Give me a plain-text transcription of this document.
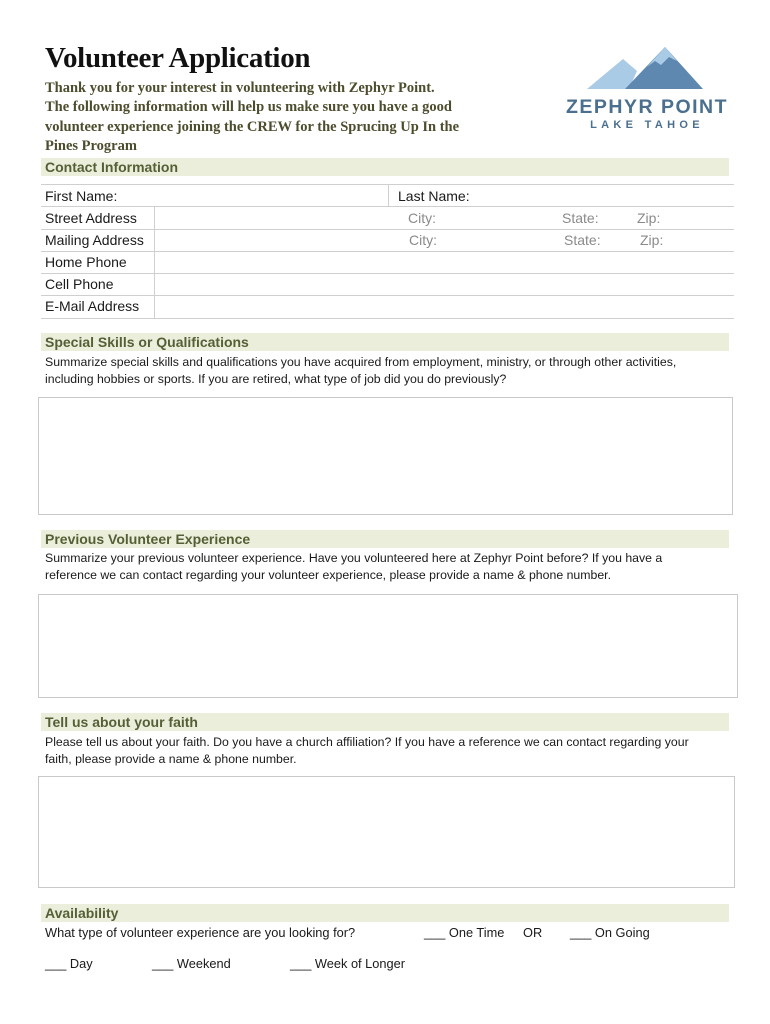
Volunteer Application
Thank you for your interest in volunteering with Zephyr Point.
The following information will help us make sure you have a good
volunteer experience joining the CREW for the Sprucing Up In the
Pines Program
ZEPHYR POINT
LAKE TAHOE
Contact Information
First Name:	Last Name:
Street Address	City:	State:	Zip:
Mailing Address	City:	State:	Zip:
Home Phone
Cell Phone
E-Mail Address
Special Skills or Qualifications
Summarize special skills and qualifications you have acquired from employment, ministry, or through other activities,
including hobbies or sports. If you are retired, what type of job did you do previously?
Previous Volunteer Experience
Summarize your previous volunteer experience. Have you volunteered here at Zephyr Point before? If you have a
reference we can contact regarding your volunteer experience, please provide a name & phone number.
Tell us about your faith
Please tell us about your faith. Do you have a church affiliation? If you have a reference we can contact regarding your
faith, please provide a name & phone number.
Availability
What type of volunteer experience are you looking for?	___ One Time OR ___ On Going
___ Day	___ Weekend	___ Week of Longer
